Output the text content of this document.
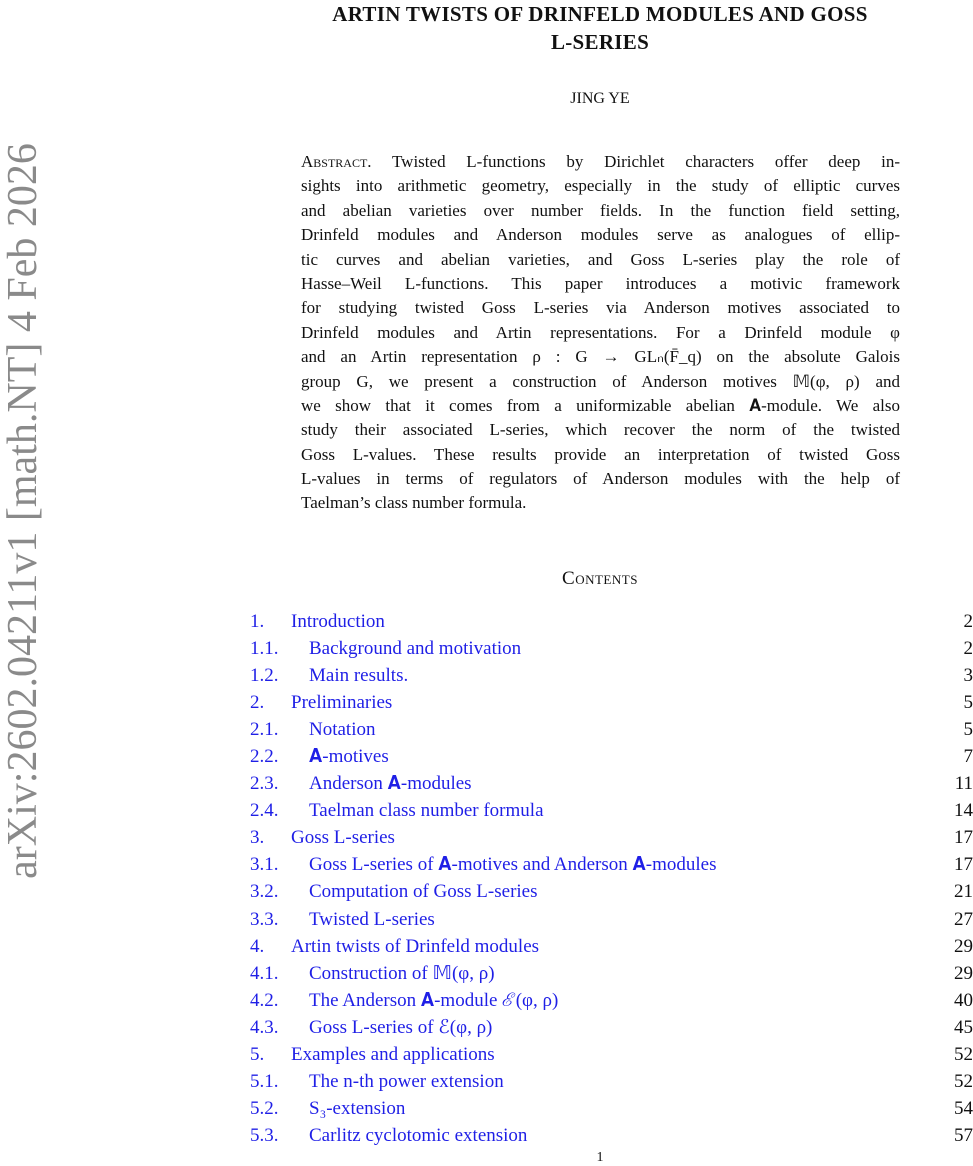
arXiv:2602.04211v1 [math.NT] 4 Feb 2026
ARTIN TWISTS OF DRINFELD MODULES AND GOSS
L-SERIES
JING YE
Abstract. Twisted L-functions by Dirichlet characters offer deep in-
sights into arithmetic geometry, especially in the study of elliptic curves
and abelian varieties over number fields. In the function field setting,
Drinfeld modules and Anderson modules serve as analogues of ellip-
tic curves and abelian varieties, and Goss L-series play the role of
Hasse–Weil L-functions. This paper introduces a motivic framework
for studying twisted Goss L-series via Anderson motives associated to
Drinfeld modules and Artin representations. For a Drinfeld module φ
and an Artin representation ρ : G → GLₙ(F̄_q) on the absolute Galois
group G, we present a construction of Anderson motives 𝕄(φ, ρ) and
we show that it comes from a uniformizable abelian 𝐀-module. We also
study their associated L-series, which recover the norm of the twisted
Goss L-values. These results provide an interpretation of twisted Goss
L-values in terms of regulators of Anderson modules with the help of
Taelman’s class number formula.
Contents
1. Introduction	2
1.1. Background and motivation	2
1.2. Main results.	3
2. Preliminaries	5
2.1. Notation	5
2.2. 𝐀-motives	7
2.3. Anderson 𝐀-modules	11
2.4. Taelman class number formula	14
3. Goss L-series	17
3.1. Goss L-series of 𝐀-motives and Anderson 𝐀-modules	17
3.2. Computation of Goss L-series	21
3.3. Twisted L-series	27
4. Artin twists of Drinfeld modules	29
4.1. Construction of 𝕄(φ, ρ)	29
4.2. The Anderson 𝐀-module ℰ(φ, ρ)	40
4.3. Goss L-series of ℰ(φ, ρ)	45
5. Examples and applications	52
5.1. The n-th power extension	52
5.2. S₃-extension	54
5.3. Carlitz cyclotomic extension	57
1
